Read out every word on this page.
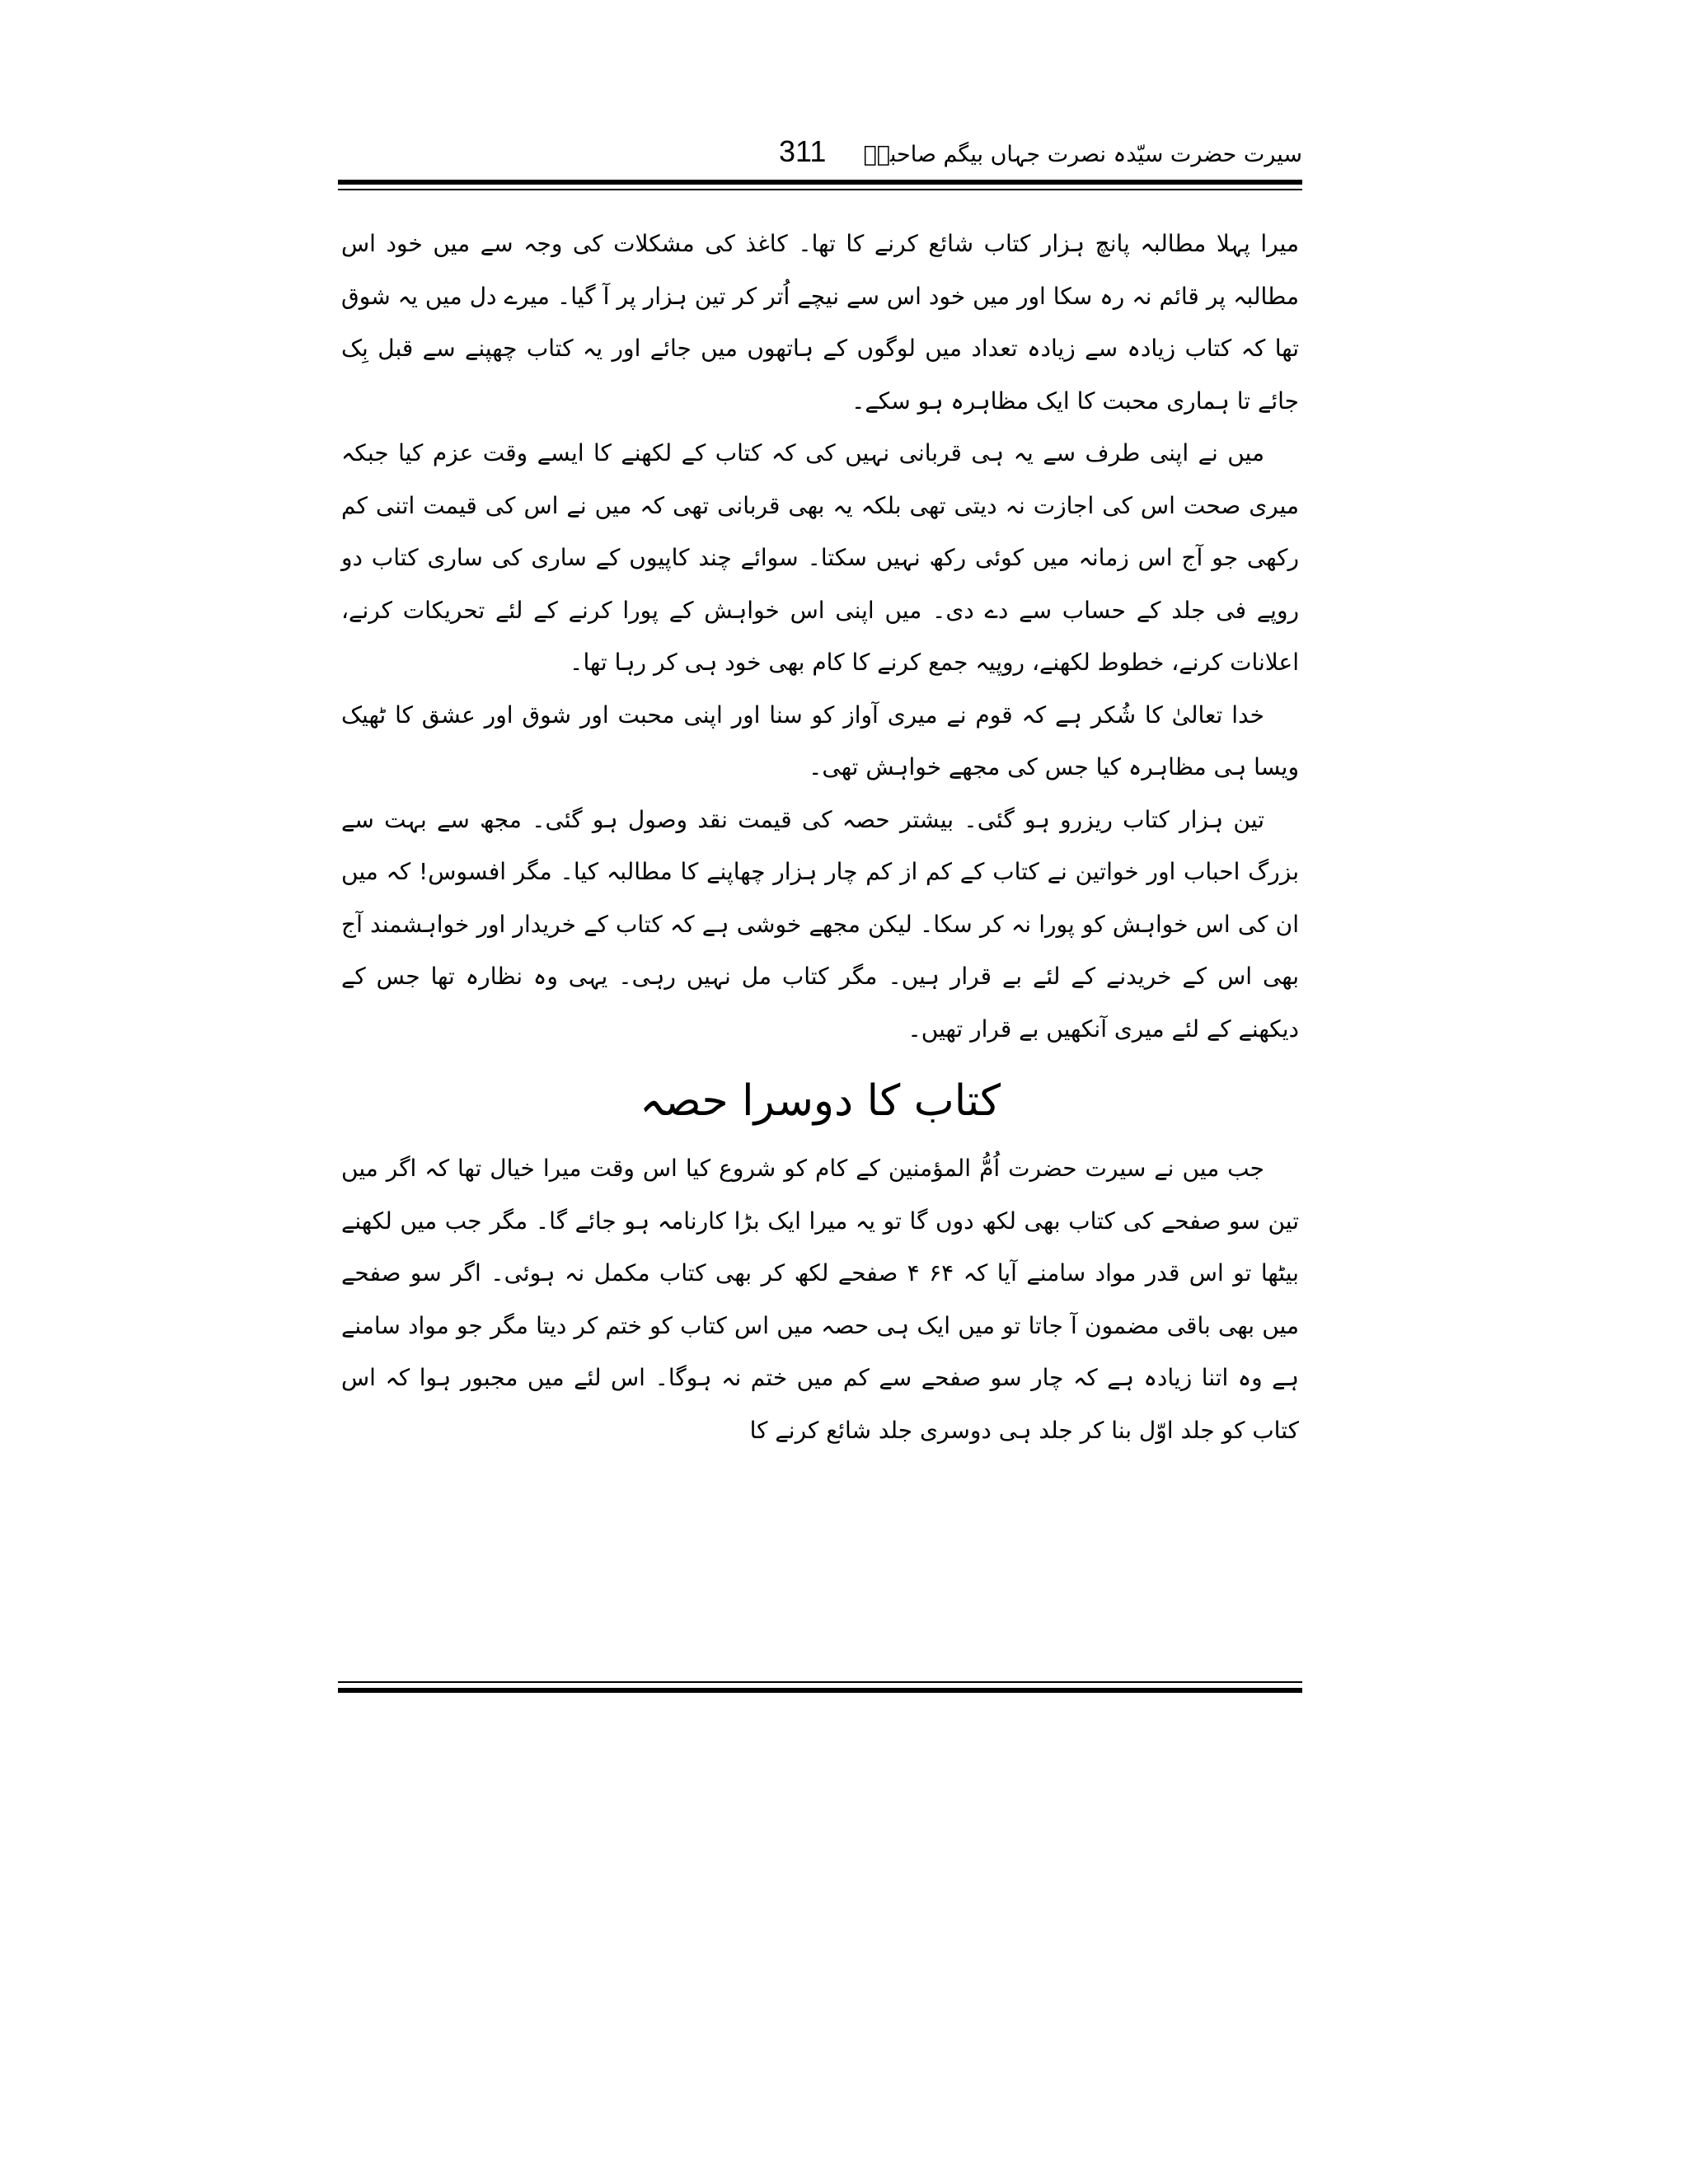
سیرت حضرت سیّدہ نصرت جہاں بیگم صاحبہؓ
311

میرا پہلا مطالبہ پانچ ہزار کتاب شائع کرنے کا تھا۔ کاغذ کی مشکلات کی وجہ سے میں خود اس مطالبہ پر قائم نہ رہ سکا اور میں خود اس سے نیچے اُتر کر تین ہزار پر آ گیا۔ میرے دل میں یہ شوق تھا کہ کتاب زیادہ سے زیادہ تعداد میں لوگوں کے ہاتھوں میں جائے اور یہ کتاب چھپنے سے قبل بِک جائے تا ہماری محبت کا ایک مظاہرہ ہو سکے۔

میں نے اپنی طرف سے یہ ہی قربانی نہیں کی کہ کتاب کے لکھنے کا ایسے وقت عزم کیا جبکہ میری صحت اس کی اجازت نہ دیتی تھی بلکہ یہ بھی قربانی تھی کہ میں نے اس کی قیمت اتنی کم رکھی جو آج اس زمانہ میں کوئی رکھ نہیں سکتا۔ سوائے چند کاپیوں کے ساری کی ساری کتاب دو روپے فی جلد کے حساب سے دے دی۔ میں اپنی اس خواہش کے پورا کرنے کے لئے تحریکات کرنے، اعلانات کرنے، خطوط لکھنے، روپیہ جمع کرنے کا کام بھی خود ہی کر رہا تھا۔

خدا تعالیٰ کا شُکر ہے کہ قوم نے میری آواز کو سنا اور اپنی محبت اور شوق اور عشق کا ٹھیک ویسا ہی مظاہرہ کیا جس کی مجھے خواہش تھی۔

تین ہزار کتاب ریزرو ہو گئی۔ بیشتر حصہ کی قیمت نقد وصول ہو گئی۔ مجھ سے بہت سے بزرگ احباب اور خواتین نے کتاب کے کم از کم چار ہزار چھاپنے کا مطالبہ کیا۔ مگر افسوس! کہ میں ان کی اس خواہش کو پورا نہ کر سکا۔ لیکن مجھے خوشی ہے کہ کتاب کے خریدار اور خواہشمند آج بھی اس کے خریدنے کے لئے بے قرار ہیں۔ مگر کتاب مل نہیں رہی۔ یہی وہ نظارہ تھا جس کے دیکھنے کے لئے میری آنکھیں بے قرار تھیں۔

کتاب کا دوسرا حصہ

جب میں نے سیرت حضرت اُمُّ المؤمنین کے کام کو شروع کیا اس وقت میرا خیال تھا کہ اگر میں تین سو صفحے کی کتاب بھی لکھ دوں گا تو یہ میرا ایک بڑا کارنامہ ہو جائے گا۔ مگر جب میں لکھنے بیٹھا تو اس قدر مواد سامنے آیا کہ ۶۴ ۴ صفحے لکھ کر بھی کتاب مکمل نہ ہوئی۔ اگر سو صفحے میں بھی باقی مضمون آ جاتا تو میں ایک ہی حصہ میں اس کتاب کو ختم کر دیتا مگر جو مواد سامنے ہے وہ اتنا زیادہ ہے کہ چار سو صفحے سے کم میں ختم نہ ہوگا۔ اس لئے میں مجبور ہوا کہ اس کتاب کو جلد اوّل بنا کر جلد ہی دوسری جلد شائع کرنے کا
